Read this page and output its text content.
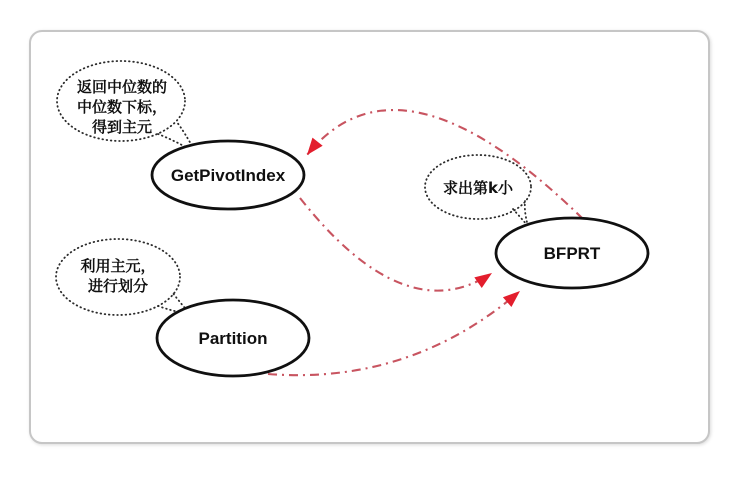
返回中位数的
中位数下标，
得到主元
利用主元，
进行划分
求出第k小
GetPivotIndex
Partition
BFPRT
